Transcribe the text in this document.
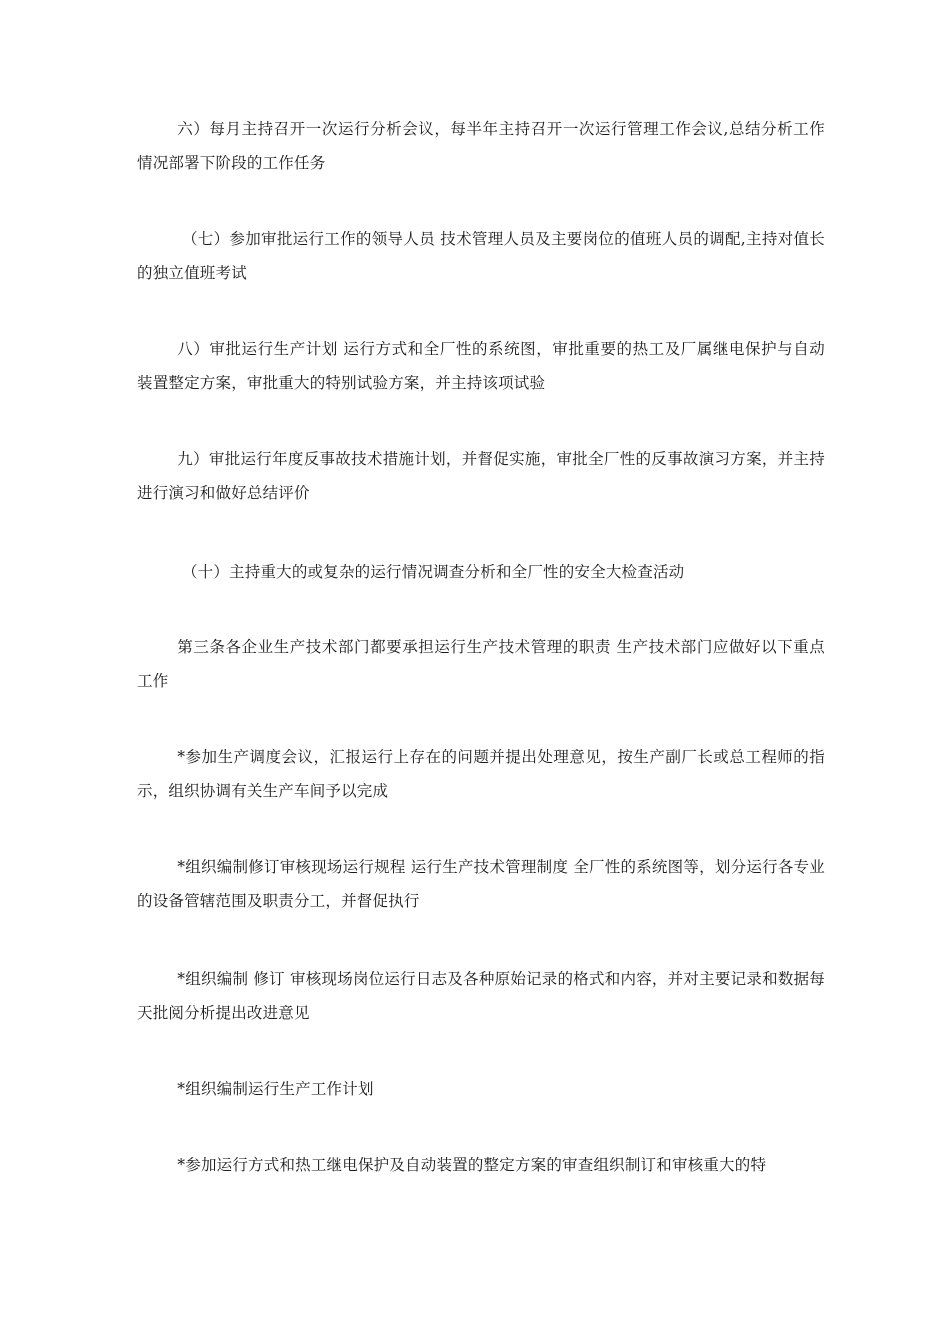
六）每月主持召开一次运行分析会议，每半年主持召开一次运行管理工作会议,总结分析工作情况部署下阶段的工作任务

（七）参加审批运行工作的领导人员 技术管理人员及主要岗位的值班人员的调配,主持对值长的独立值班考试

八）审批运行生产计划 运行方式和全厂性的系统图，审批重要的热工及厂属继电保护与自动装置整定方案，审批重大的特别试验方案，并主持该项试验

九）审批运行年度反事故技术措施计划，并督促实施，审批全厂性的反事故演习方案，并主持进行演习和做好总结评价

（十）主持重大的或复杂的运行情况调查分析和全厂性的安全大检查活动

第三条各企业生产技术部门都要承担运行生产技术管理的职责 生产技术部门应做好以下重点工作

*参加生产调度会议，汇报运行上存在的问题并提出处理意见，按生产副厂长或总工程师的指示，组织协调有关生产车间予以完成

*组织编制修订审核现场运行规程 运行生产技术管理制度 全厂性的系统图等，划分运行各专业的设备管辖范围及职责分工，并督促执行

*组织编制 修订 审核现场岗位运行日志及各种原始记录的格式和内容，并对主要记录和数据每天批阅分析提出改进意见

*组织编制运行生产工作计划

*参加运行方式和热工继电保护及自动装置的整定方案的审查组织制订和审核重大的特
